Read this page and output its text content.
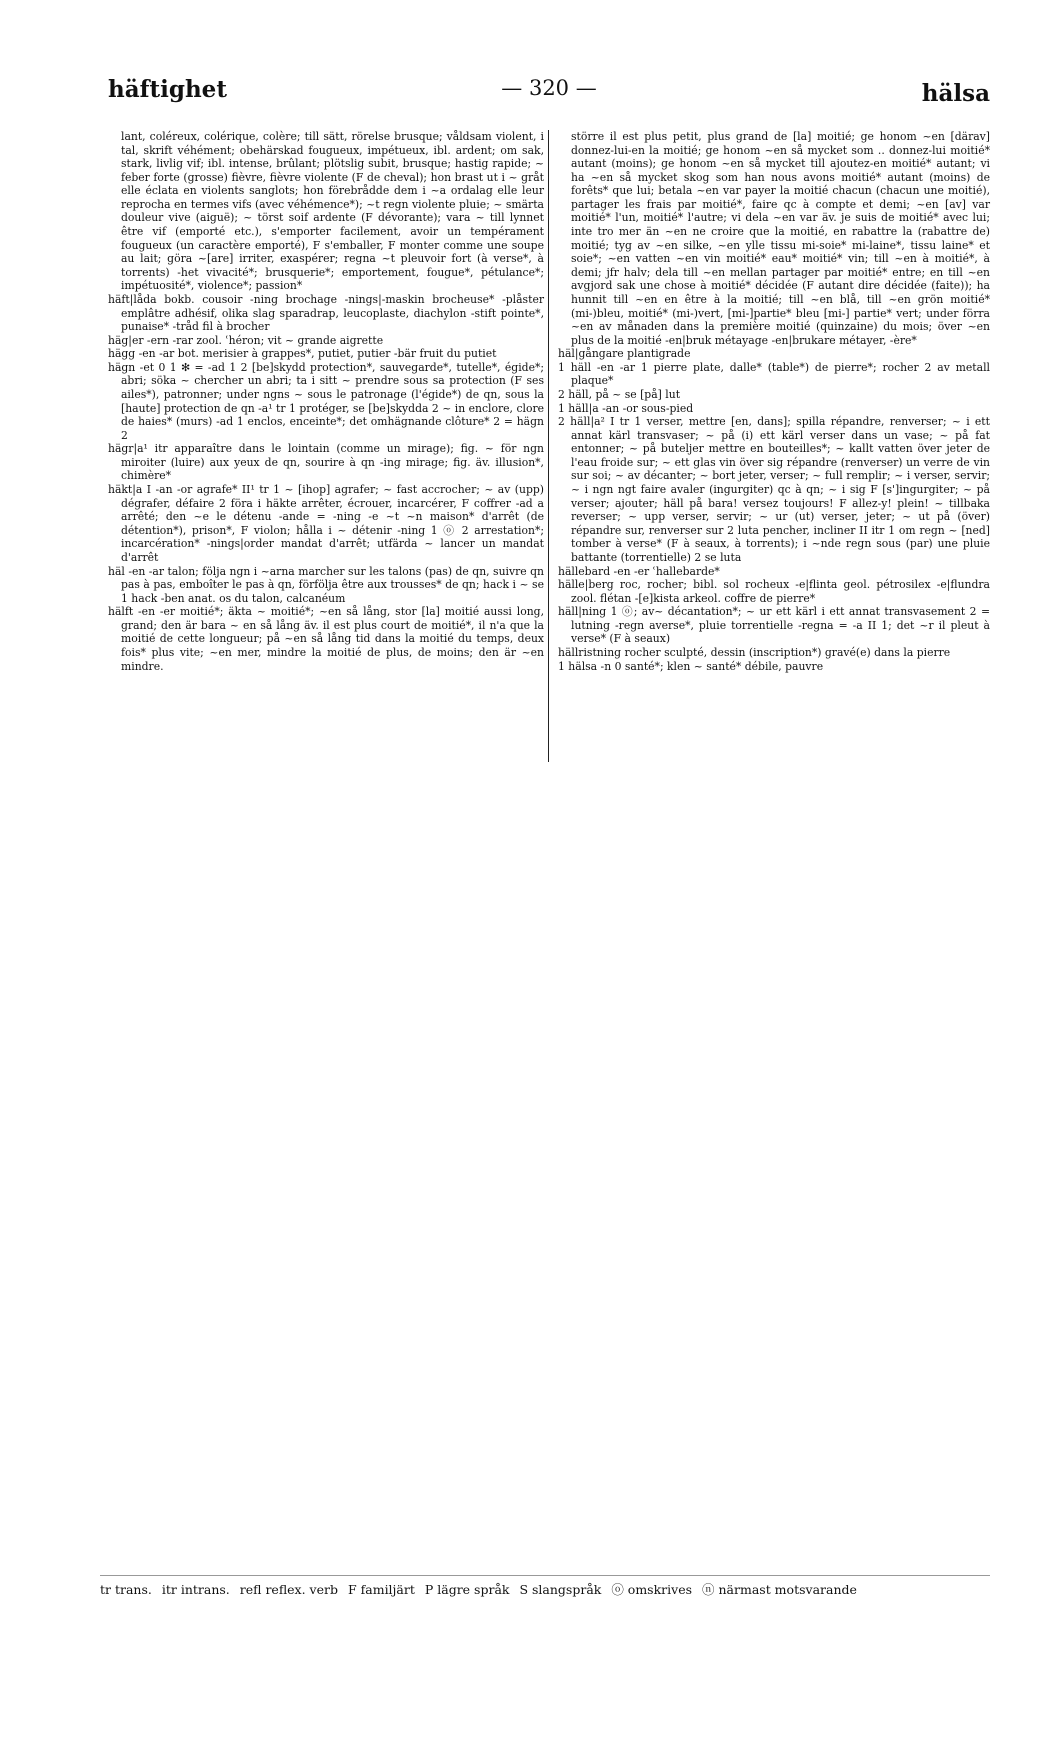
häftighet	— 320 —	hälsa

lant, coléreux, colérique, colère; till sätt, rörelse brusque; våldsam violent, i tal, skrift véhément; obehärskad fougueux, impétueux, ibl. ardent; om sak, stark, livlig vif; ibl. intense, brûlant; plötslig subit, brusque; hastig rapide; ~ feber forte (grosse) fièvre, fièvre violente (F de cheval); hon brast ut i ~ gråt elle éclata en violents sanglots; hon förebrådde dem i ~a ordalag elle leur reprocha en termes vifs (avec véhémence*); ~t regn violente pluie; ~ smärta douleur vive (aiguë); ~ törst soif ardente (F dévorante); vara ~ till lynnet être vif (emporté etc.), s'emporter facilement, avoir un tempérament fougueux (un caractère emporté), F s'emballer, F monter comme une soupe au lait; göra ~[are] irriter, exaspérer; regna ~t pleuvoir fort (à verse*, à torrents) -het vivacité*; brusquerie*; emportement, fougue*, pétulance*; impétuosité*, violence*; passion*

häft|låda bokb. cousoir -ning brochage -nings|-maskin brocheuse* -plåster emplâtre adhésif, olika slag sparadrap, leucoplaste, diachylon -stift pointe*, punaise* -tråd fil à brocher

häg|er -ern -rar zool. ʿhéron; vit ~ grande aigrette

hägg -en -ar bot. merisier à grappes*, putiet, putier -bär fruit du putiet

hägn -et 0 1 ✻ = -ad 1 2 [be]skydd protection*, sauvegarde*, tutelle*, égide*; abri; söka ~ chercher un abri; ta i sitt ~ prendre sous sa protection (F ses ailes*), patronner; under ngns ~ sous le patronage (l'égide*) de qn, sous la [haute] protection de qn -a¹ tr 1 protéger, se [be]skydda 2 ~ in enclore, clore de haies* (murs) -ad 1 enclos, enceinte*; det omhägnande clôture* 2 = hägn 2

hägr|a¹ itr apparaître dans le lointain (comme un mirage); fig. ~ för ngn miroiter (luire) aux yeux de qn, sourire à qn -ing mirage; fig. äv. illusion*, chimère*

häkt|a I -an -or agrafe* II¹ tr 1 ~ [ihop] agrafer; ~ fast accrocher; ~ av (upp) dégrafer, défaire 2 föra i häkte arrêter, écrouer, incarcérer, F coffrer -ad a arrêté; den ~e le détenu -ande = -ning -e ~t ~n maison* d'arrêt (de détention*), prison*, F violon; hålla i ~ détenir -ning 1 ⓞ 2 arrestation*; incarcération* -nings|order mandat d'arrêt; utfärda ~ lancer un mandat d'arrêt

häl -en -ar talon; följa ngn i ~arna marcher sur les talons (pas) de qn, suivre qn pas à pas, emboîter le pas à qn, förfölja être aux trousses* de qn; hack i ~ se 1 hack -ben anat. os du talon, calcanéum

hälft -en -er moitié*; äkta ~ moitié*; ~en så lång, stor [la] moitié aussi long, grand; den är bara ~ en så lång äv. il est plus court de moitié*, il n'a que la moitié de cette longueur; på ~en så lång tid dans la moitié du temps, deux fois* plus vite; ~en mer, mindre la moitié de plus, de moins; den är ~en mindre.

större il est plus petit, plus grand de [la] moitié; ge honom ~en [därav] donnez-lui-en la moitié; ge honom ~en så mycket som .. donnez-lui moitié* autant (moins); ge honom ~en så mycket till ajoutez-en moitié* autant; vi ha ~en så mycket skog som han nous avons moitié* autant (moins) de forêts* que lui; betala ~en var payer la moitié chacun (chacun une moitié), partager les frais par moitié*, faire qc à compte et demi; ~en [av] var moitié* l'un, moitié* l'autre; vi dela ~en var äv. je suis de moitié* avec lui; inte tro mer än ~en ne croire que la moitié, en rabattre la (rabattre de) moitié; tyg av ~en silke, ~en ylle tissu mi-soie* mi-laine*, tissu laine* et soie*; ~en vatten ~en vin moitié* eau* moitié* vin; till ~en à moitié*, à demi; jfr halv; dela till ~en mellan partager par moitié* entre; en till ~en avgjord sak une chose à moitié* décidée (F autant dire décidée (faite)); ha hunnit till ~en en être à la moitié; till ~en blå, till ~en grön moitié* (mi-)bleu, moitié* (mi-)vert, [mi-]partie* bleu [mi-] partie* vert; under förra ~en av månaden dans la première moitié (quinzaine) du mois; över ~en plus de la moitié -en|bruk métayage -en|brukare métayer, -ère*

häl|gångare plantigrade

1 häll -en -ar 1 pierre plate, dalle* (table*) de pierre*; rocher 2 av metall plaque*

2 häll, på ~ se [på] lut

1 häll|a -an -or sous-pied

2 häll|a² I tr 1 verser, mettre [en, dans]; spilla répandre, renverser; ~ i ett annat kärl transvaser; ~ på (i) ett kärl verser dans un vase; ~ på fat entonner; ~ på buteljer mettre en bouteilles*; ~ kallt vatten över jeter de l'eau froide sur; ~ ett glas vin över sig répandre (renverser) un verre de vin sur soi; ~ av décanter; ~ bort jeter, verser; ~ full remplir; ~ i verser, servir; ~ i ngn ngt faire avaler (ingurgiter) qc à qn; ~ i sig F [s']ingurgiter; ~ på verser; ajouter; häll på bara! versez toujours! F allez-y! plein! ~ tillbaka reverser; ~ upp verser, servir; ~ ur (ut) verser, jeter; ~ ut på (över) répandre sur, renverser sur 2 luta pencher, incliner II itr 1 om regn ~ [ned] tomber à verse* (F à seaux, à torrents); i ~nde regn sous (par) une pluie battante (torrentielle) 2 se luta

hällebard -en -er ʿhallebarde*

hälle|berg roc, rocher; bibl. sol rocheux -e|flinta geol. pétrosilex -e|flundra zool. flétan -[e]kista arkeol. coffre de pierre*

häll|ning 1 ⓞ; av~ décantation*; ~ ur ett kärl i ett annat transvasement 2 = lutning -regn averse*, pluie torrentielle -regna = -a II 1; det ~r il pleut à verse* (F à seaux)

hällristning rocher sculpté, dessin (inscription*) gravé(e) dans la pierre

1 hälsa -n 0 santé*; klen ~ santé* débile, pauvre

tr trans. itr intrans. refl reflex. verb F familjärt P lägre språk S slangspråk ⓞ omskrives ⓝ närmast motsvarande
